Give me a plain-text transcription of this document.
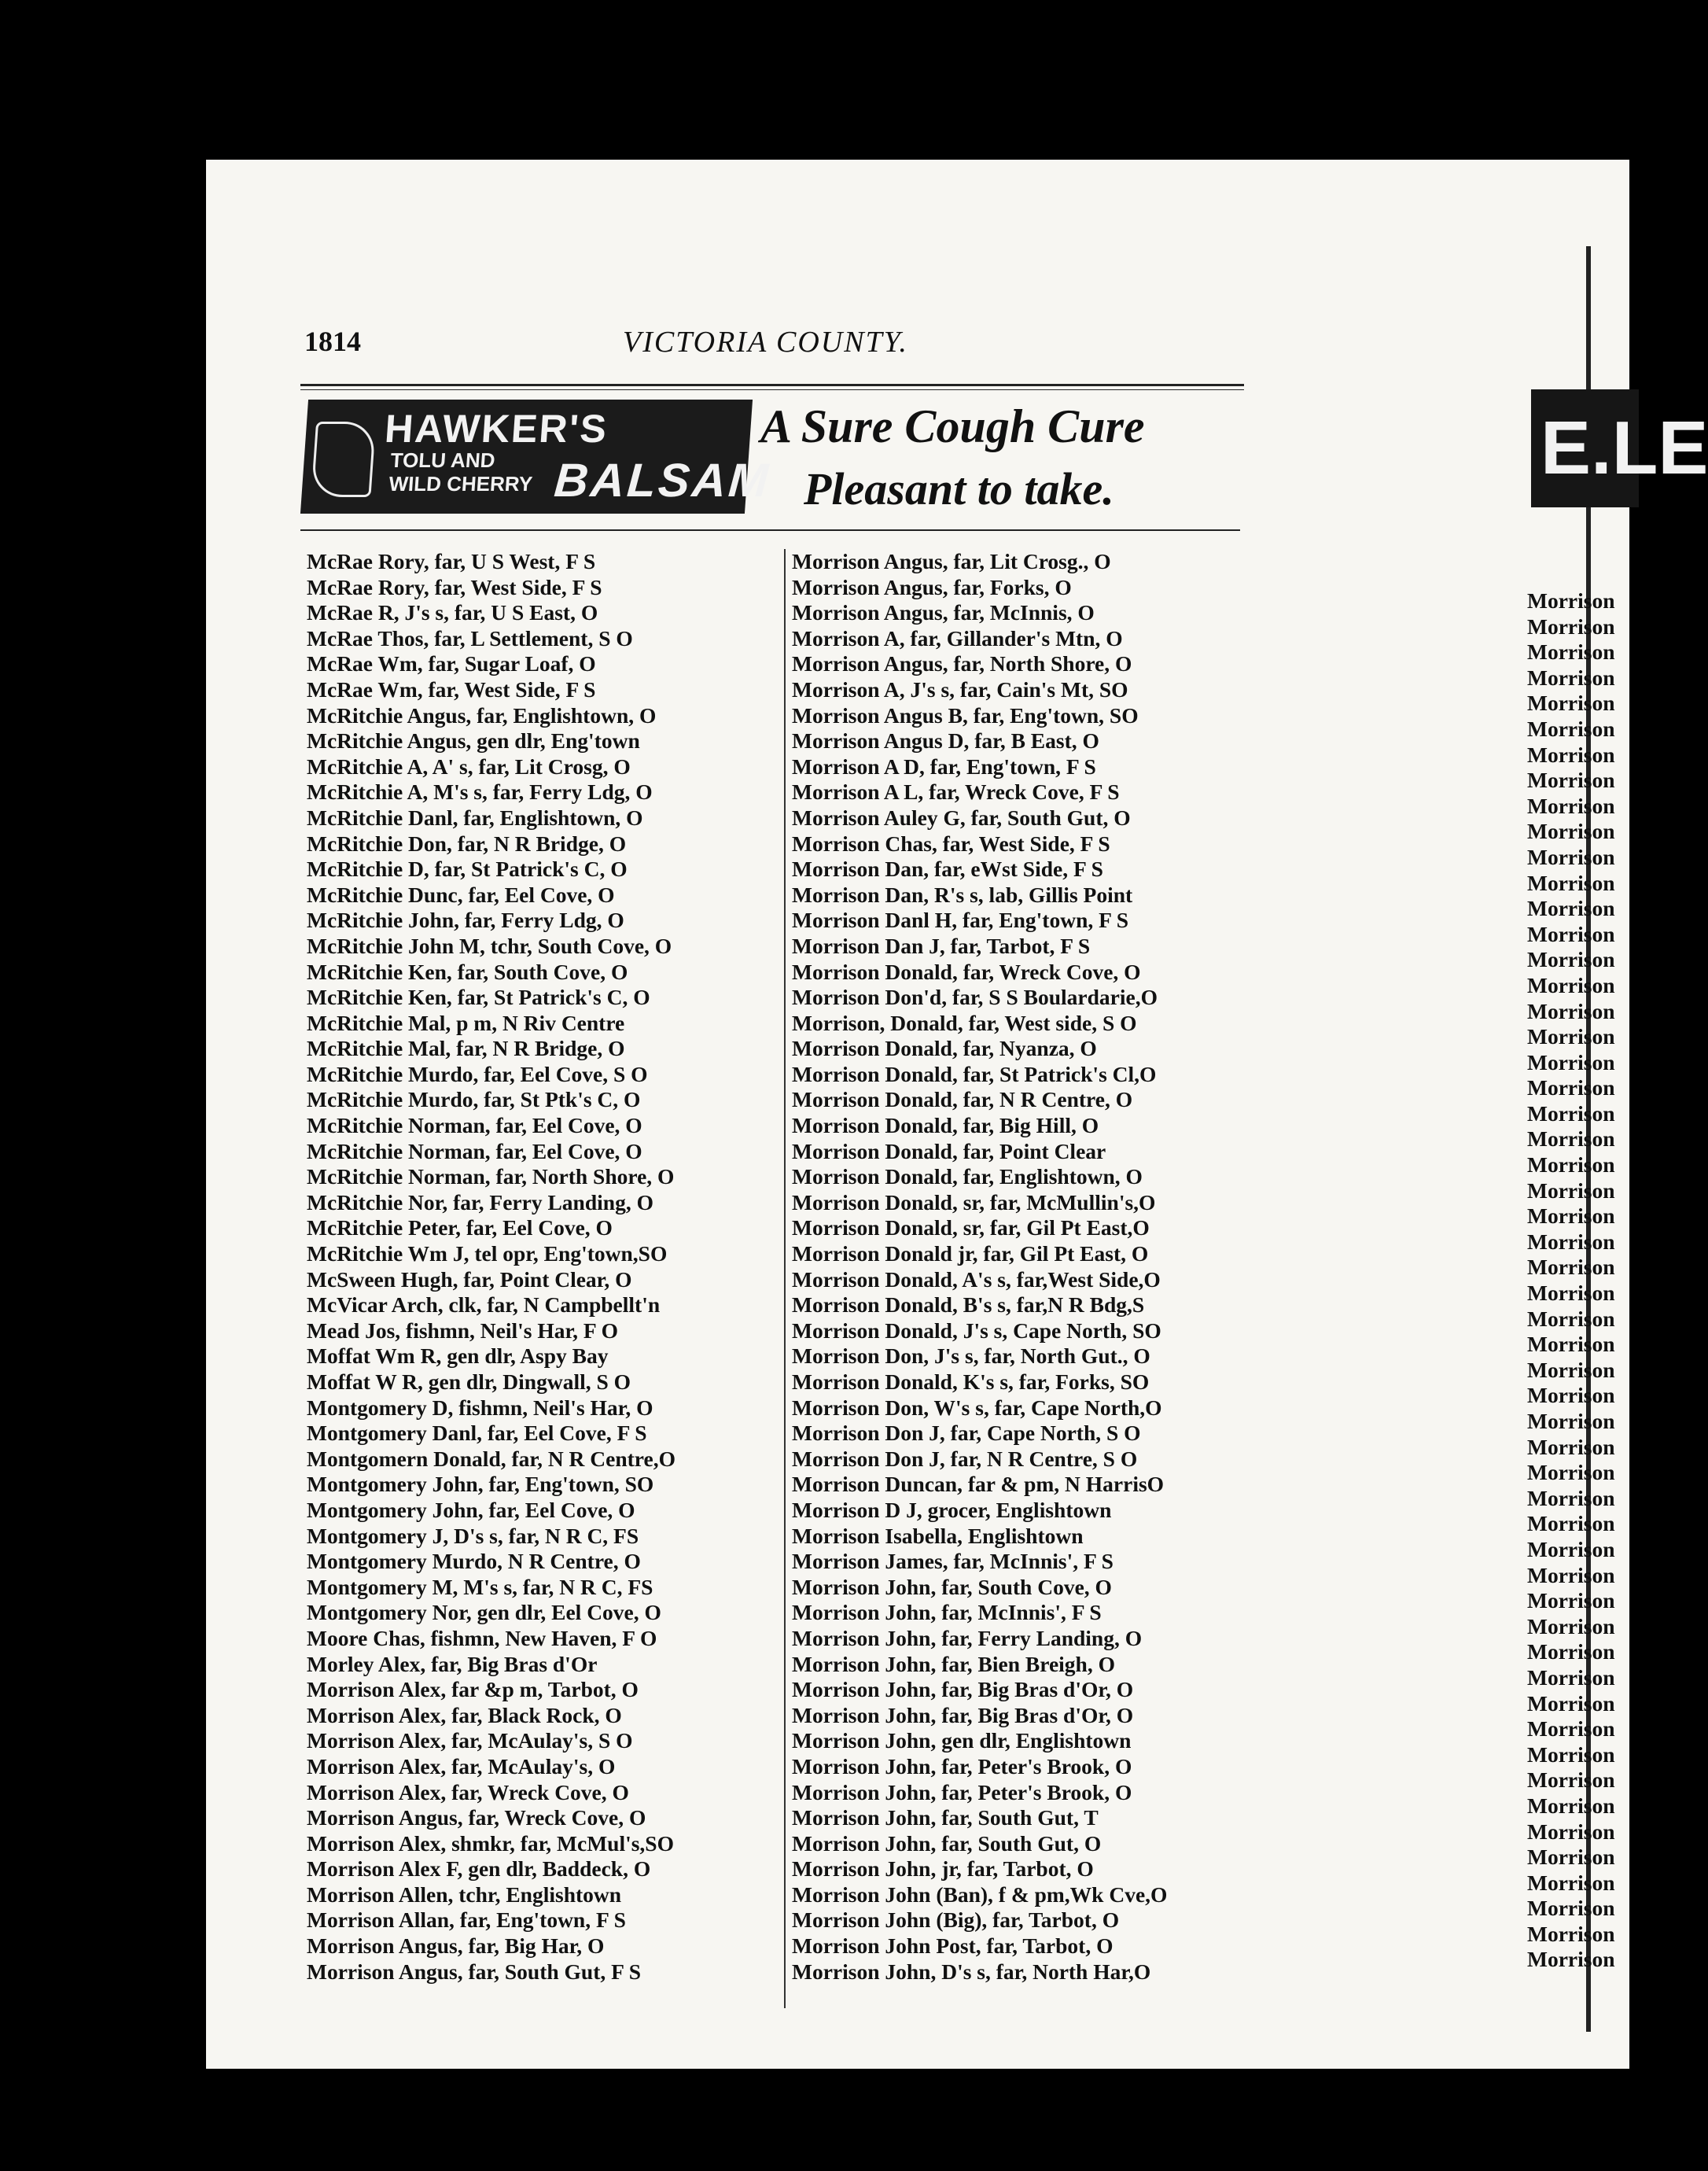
1814	VICTORIA COUNTY.
HAWKER'S
TOLU AND
WILD CHERRY BALSAM
A Sure Cough Cure
Pleasant to take.	E.LE
McRae Rory, far, U S West, F S
McRae Rory, far, West Side, F S
McRae R, J's s, far, U S East, O
McRae Thos, far, L Settlement, S O
McRae Wm, far, Sugar Loaf, O
McRae Wm, far, West Side, F S
McRitchie Angus, far, Englishtown, O
McRitchie Angus, gen dlr, Eng'town
McRitchie A, A' s, far, Lit Crosg, O
McRitchie A, M's s, far, Ferry Ldg, O
McRitchie Danl, far, Englishtown, O
McRitchie Don, far, N R Bridge, O
McRitchie D, far, St Patrick's C, O
McRitchie Dunc, far, Eel Cove, O
McRitchie John, far, Ferry Ldg, O
McRitchie John M, tchr, South Cove, O
McRitchie Ken, far, South Cove, O
McRitchie Ken, far, St Patrick's C, O
McRitchie Mal, p m, N Riv Centre
McRitchie Mal, far, N R Bridge, O
McRitchie Murdo, far, Eel Cove, S O
McRitchie Murdo, far, St Ptk's C, O
McRitchie Norman, far, Eel Cove, O
McRitchie Norman, far, Eel Cove, O
McRitchie Norman, far, North Shore, O
McRitchie Nor, far, Ferry Landing, O
McRitchie Peter, far, Eel Cove, O
McRitchie Wm J, tel opr, Eng'town,SO
McSween Hugh, far, Point Clear, O
McVicar Arch, clk, far, N Campbellt'n
Mead Jos, fishmn, Neil's Har, F O
Moffat Wm R, gen dlr, Aspy Bay
Moffat W R, gen dlr, Dingwall, S O
Montgomery D, fishmn, Neil's Har, O
Montgomery Danl, far, Eel Cove, F S
Montgomern Donald, far, N R Centre,O
Montgomery John, far, Eng'town, SO
Montgomery John, far, Eel Cove, O
Montgomery J, D's s, far, N R C, FS
Montgomery Murdo, N R Centre, O
Montgomery M, M's s, far, N R C, FS
Montgomery Nor, gen dlr, Eel Cove, O
Moore Chas, fishmn, New Haven, F O
Morley Alex, far, Big Bras d'Or
Morrison Alex, far &p m, Tarbot, O
Morrison Alex, far, Black Rock, O
Morrison Alex, far, McAulay's, S O
Morrison Alex, far, McAulay's, O
Morrison Alex, far, Wreck Cove, O
Morrison Angus, far, Wreck Cove, O
Morrison Alex, shmkr, far, McMul's,SO
Morrison Alex F, gen dlr, Baddeck, O
Morrison Allen, tchr, Englishtown
Morrison Allan, far, Eng'town, F S
Morrison Angus, far, Big Har, O
Morrison Angus, far, South Gut, F S
Morrison Angus, far, Lit Crosg., O
Morrison Angus, far, Forks, O
Morrison Angus, far, McInnis, O
Morrison A, far, Gillander's Mtn, O
Morrison Angus, far, North Shore, O
Morrison A, J's s, far, Cain's Mt, SO
Morrison Angus B, far, Eng'town, SO
Morrison Angus D, far, B East, O
Morrison A D, far, Eng'town, F S
Morrison A L, far, Wreck Cove, F S
Morrison Auley G, far, South Gut, O
Morrison Chas, far, West Side, F S
Morrison Dan, far, eWst Side, F S
Morrison Dan, R's s, lab, Gillis Point
Morrison Danl H, far, Eng'town, F S
Morrison Dan J, far, Tarbot, F S
Morrison Donald, far, Wreck Cove, O
Morrison Don'd, far, S S Boulardarie,O
Morrison, Donald, far, West side, S O
Morrison Donald, far, Nyanza, O
Morrison Donald, far, St Patrick's Cl,O
Morrison Donald, far, N R Centre, O
Morrison Donald, far, Big Hill, O
Morrison Donald, far, Point Clear
Morrison Donald, far, Englishtown, O
Morrison Donald, sr, far, McMullin's,O
Morrison Donald, sr, far, Gil Pt East,O
Morrison Donald jr, far, Gil Pt East, O
Morrison Donald, A's s, far,West Side,O
Morrison Donald, B's s, far,N R Bdg,S
Morrison Donald, J's s, Cape North, SO
Morrison Don, J's s, far, North Gut., O
Morrison Donald, K's s, far, Forks, SO
Morrison Don, W's s, far, Cape North,O
Morrison Don J, far, Cape North, S O
Morrison Don J, far, N R Centre, S O
Morrison Duncan, far & pm, N HarrisO
Morrison D J, grocer, Englishtown
Morrison Isabella, Englishtown
Morrison James, far, McInnis', F S
Morrison John, far, South Cove, O
Morrison John, far, McInnis', F S
Morrison John, far, Ferry Landing, O
Morrison John, far, Bien Breigh, O
Morrison John, far, Big Bras d'Or, O
Morrison John, far, Big Bras d'Or, O
Morrison John, gen dlr, Englishtown
Morrison John, far, Peter's Brook, O
Morrison John, far, Peter's Brook, O
Morrison John, far, South Gut, T
Morrison John, far, South Gut, O
Morrison John, jr, far, Tarbot, O
Morrison John (Ban), f & pm,Wk Cve,O
Morrison John (Big), far, Tarbot, O
Morrison John Post, far, Tarbot, O
Morrison John, D's s, far, North Har,O
Morrison
Morrison
Morrison
Morrison
Morrison
Morrison
Morrison
Morrison
Morrison
Morrison
Morrison
Morrison
Morrison
Morrison
Morrison
Morrison
Morrison
Morrison
Morrison
Morrison
Morrison
Morrison
Morrison
Morrison
Morrison
Morrison
Morrison
Morrison
Morrison
Morrison
Morrison
Morrison
Morrison
Morrison
Morrison
Morrison
Morrison
Morrison
Morrison
Morrison
Morrison
Morrison
Morrison
Morrison
Morrison
Morrison
Morrison
Morrison
Morrison
Morrison
Morrison
Morrison
Morrison
Morrison
